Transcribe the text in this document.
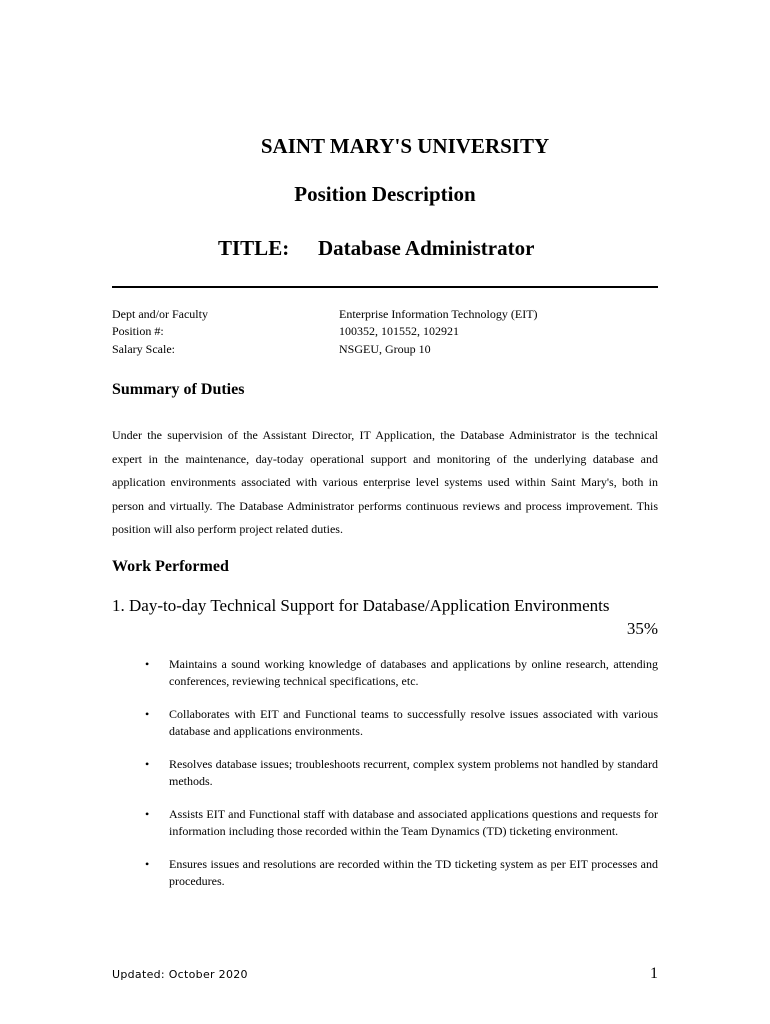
SAINT MARY'S UNIVERSITY
Position Description
TITLE: Database Administrator
Dept and/or Faculty	Enterprise Information Technology (EIT)
Position #:	100352, 101552, 102921
Salary Scale:	NSGEU, Group 10
Summary of Duties

Under the supervision of the Assistant Director, IT Application, the Database Administrator is the technical expert in the maintenance, day-today operational support and monitoring of the underlying database and application environments associated with various enterprise level systems used within Saint Mary's, both in person and virtually. The Database Administrator performs continuous reviews and process improvement. This position will also perform project related duties.

Work Performed

1. Day-to-day Technical Support for Database/Application Environments

35%
• Maintains a sound working knowledge of databases and applications by online research, attending conferences, reviewing technical specifications, etc.
• Collaborates with EIT and Functional teams to successfully resolve issues associated with various database and applications environments.
• Resolves database issues; troubleshoots recurrent, complex system problems not handled by standard methods.
• Assists EIT and Functional staff with database and associated applications questions and requests for information including those recorded within the Team Dynamics (TD) ticketing environment.
• Ensures issues and resolutions are recorded within the TD ticketing system as per EIT processes and procedures.
Updated: October 2020	1
